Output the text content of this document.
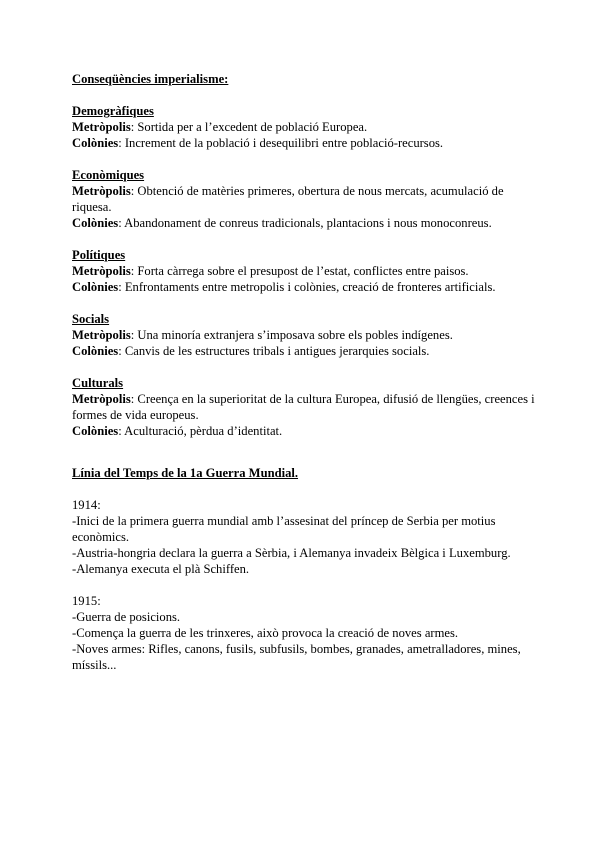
Conseqüències imperialisme:
Demogràfiques
Metròpolis: Sortida per a l’excedent de població Europea.
Colònies: Increment de la població i desequilibri entre població-recursos.
Econòmiques
Metròpolis: Obtenció de matèries primeres, obertura de nous mercats, acumulació de riquesa.
Colònies: Abandonament de conreus tradicionals, plantacions i nous monoconreus.
Polítiques
Metròpolis: Forta càrrega sobre el presupost de l’estat, conflictes entre paisos.
Colònies: Enfrontaments entre metropolis i colònies, creació de fronteres artificials.
Socials
Metròpolis: Una minoría extranjera s’imposava sobre els pobles indígenes.
Colònies: Canvis de les estructures tribals i antigues jerarquies socials.
Culturals
Metròpolis: Creença en la superioritat de la cultura Europea, difusió de llengües, creences i formes de vida europeus.
Colònies: Aculturació, pèrdua d’identitat.
Línia del Temps de la 1a Guerra Mundial.
1914:
-Inici de la primera guerra mundial amb l’assesinat del príncep de Serbia per motius econòmics.
-Austria-hongria declara la guerra a Sèrbia, i Alemanya invadeix Bèlgica i Luxemburg.
-Alemanya executa el plà Schiffen.
1915:
-Guerra de posicions.
-Comença la guerra de les trinxeres, això provoca la creació de noves armes.
-Noves armes: Rifles, canons, fusils, subfusils, bombes, granades, ametralladores, mines, míssils...
